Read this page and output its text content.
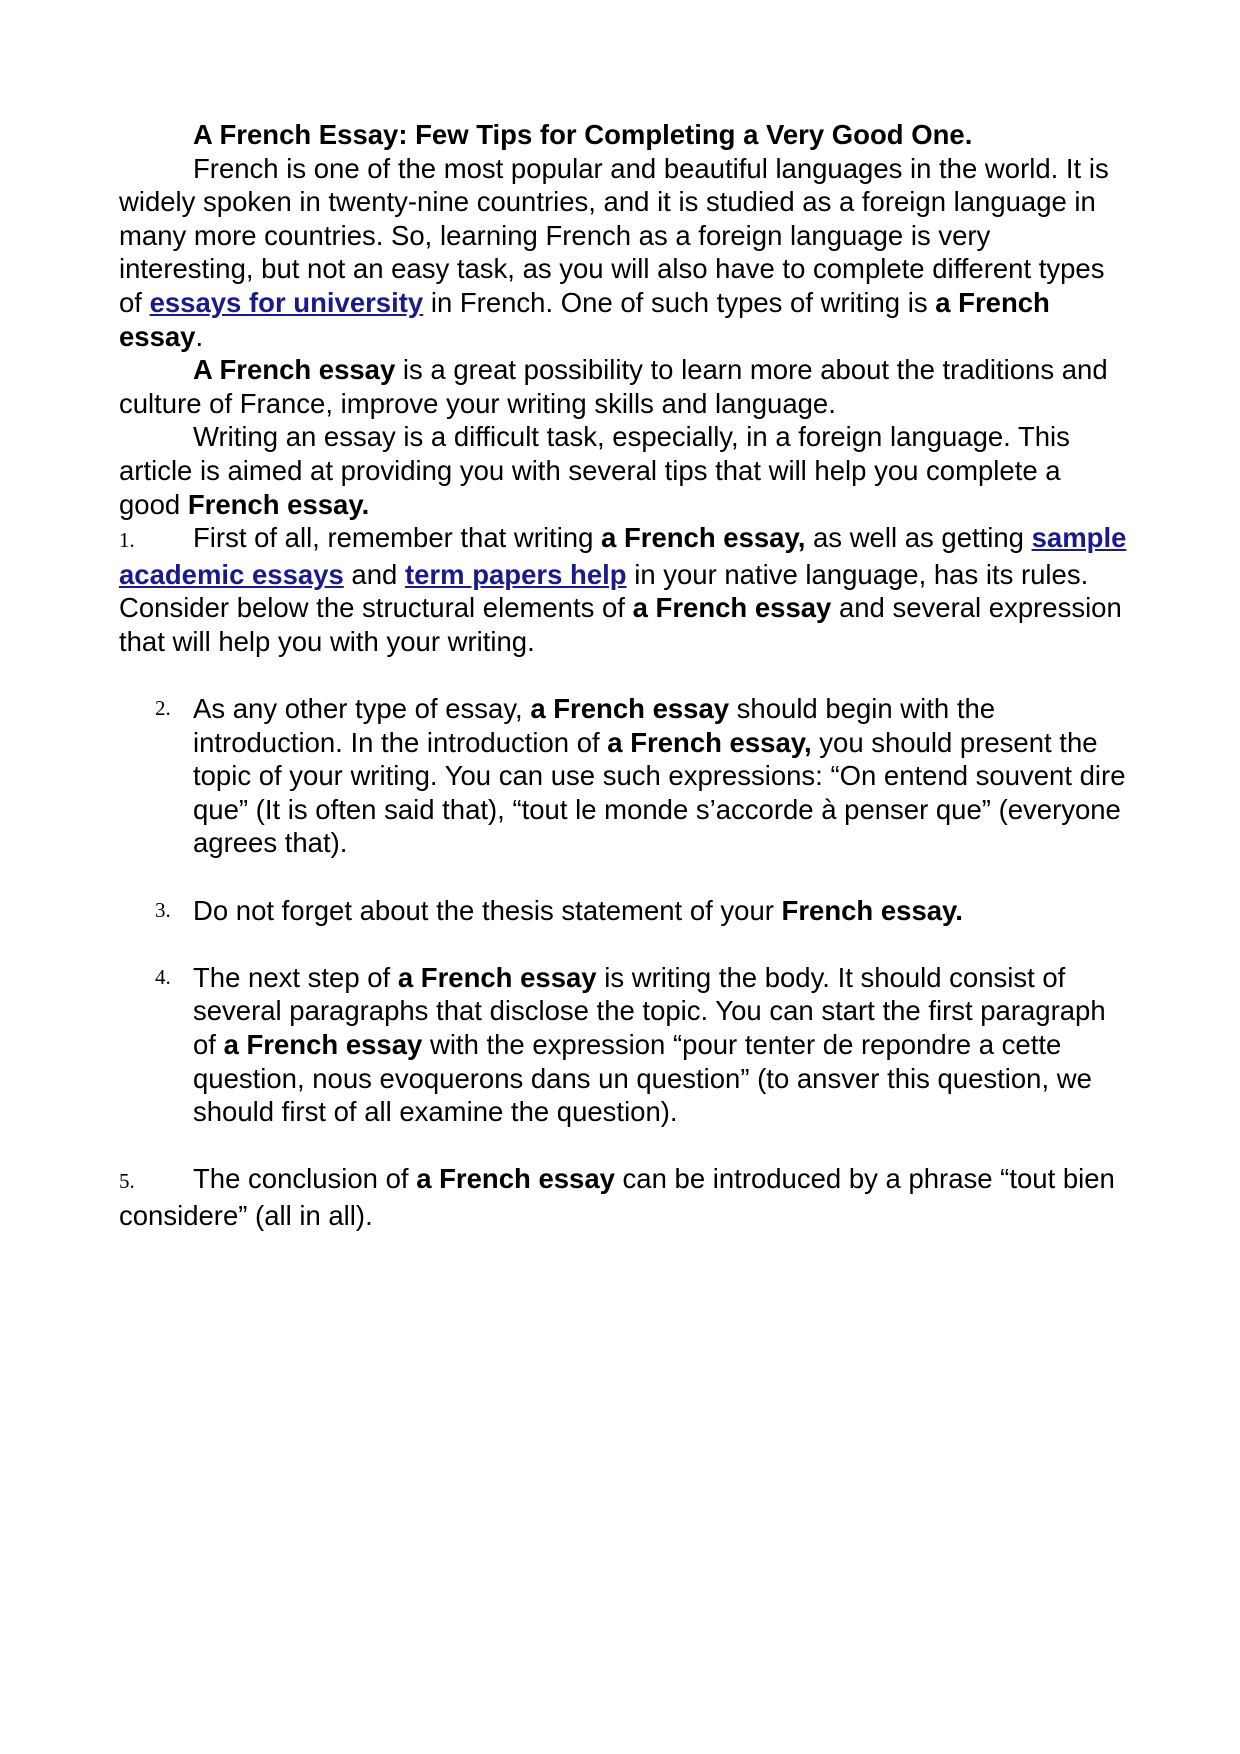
A French Essay: Few Tips for Completing a Very Good One.

French is one of the most popular and beautiful languages in the world. It is widely spoken in twenty-nine countries, and it is studied as a foreign language in many more countries. So, learning French as a foreign language is very interesting, but not an easy task, as you will also have to complete different types of essays for university in French. One of such types of writing is a French essay.

A French essay is a great possibility to learn more about the traditions and culture of France, improve your writing skills and language.

Writing an essay is a difficult task, especially, in a foreign language. This article is aimed at providing you with several tips that will help you complete a good French essay.

1. First of all, remember that writing a French essay, as well as getting sample academic essays and term papers help in your native language, has its rules. Consider below the structural elements of a French essay and several expression that will help you with your writing.

2. As any other type of essay, a French essay should begin with the introduction. In the introduction of a French essay, you should present the topic of your writing. You can use such expressions: “On entend souvent dire que” (It is often said that), “tout le monde s’accorde à penser que” (everyone agrees that).

3. Do not forget about the thesis statement of your French essay.

4. The next step of a French essay is writing the body. It should consist of several paragraphs that disclose the topic. You can start the first paragraph of a French essay with the expression “pour tenter de repondre a cette question, nous evoquerons dans un question” (to ansver this question, we should first of all examine the question).

5. The conclusion of a French essay can be introduced by a phrase “tout bien considere” (all in all).
